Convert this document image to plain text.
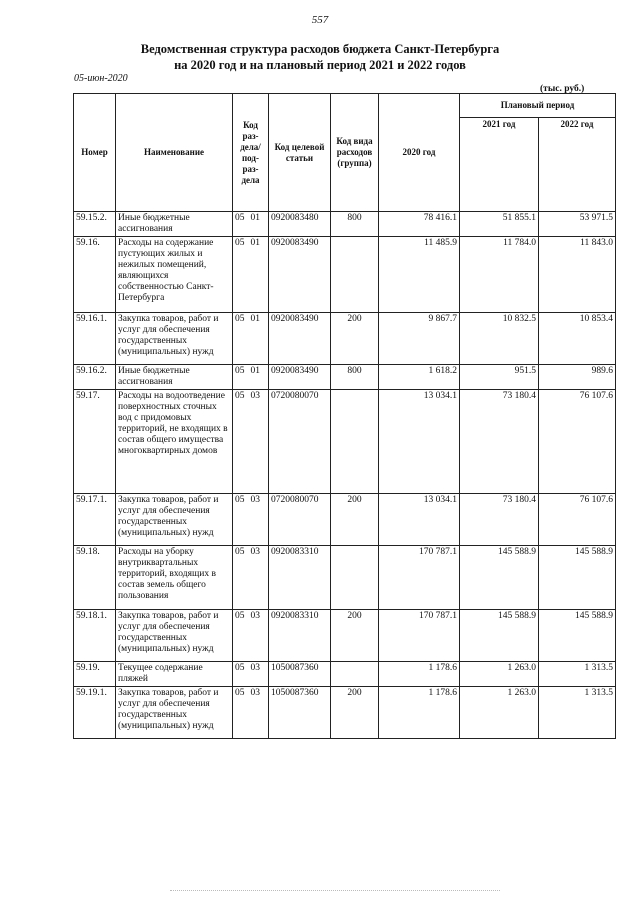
557
Ведомственная структура расходов бюджета Санкт-Петербурга
на 2020 год и на плановый период 2021 и 2022 годов
05-июн-2020
(тыс. руб.)
Номер	Наименование	Код раз-дела/ под-раз-дела	Код целевой статьи	Код вида расходов (группа)	2020 год	Плановый период	
						2021 год	2022 год
59.15.2.	Иные бюджетные ассигнования	05 01	0920083480	800	78 416.1	51 855.1	53 971.5
59.16.	Расходы на содержание пустующих жилых и нежилых помещений, являющихся собственностью Санкт-Петербурга	05 01	0920083490		11 485.9	11 784.0	11 843.0
59.16.1.	Закупка товаров, работ и услуг для обеспечения государственных (муниципальных) нужд	05 01	0920083490	200	9 867.7	10 832.5	10 853.4
59.16.2.	Иные бюджетные ассигнования	05 01	0920083490	800	1 618.2	951.5	989.6
59.17.	Расходы на водоотведение поверхностных сточных вод с придомовых территорий, не входящих в состав общего имущества многоквартирных домов	05 03	0720080070		13 034.1	73 180.4	76 107.6
59.17.1.	Закупка товаров, работ и услуг для обеспечения государственных (муниципальных) нужд	05 03	0720080070	200	13 034.1	73 180.4	76 107.6
59.18.	Расходы на уборку внутриквартальных территорий, входящих в состав земель общего пользования	05 03	0920083310		170 787.1	145 588.9	145 588.9
59.18.1.	Закупка товаров, работ и услуг для обеспечения государственных (муниципальных) нужд	05 03	0920083310	200	170 787.1	145 588.9	145 588.9
59.19.	Текущее содержание пляжей	05 03	1050087360		1 178.6	1 263.0	1 313.5
59.19.1.	Закупка товаров, работ и услуг для обеспечения государственных (муниципальных) нужд	05 03	1050087360	200	1 178.6	1 263.0	1 313.5
